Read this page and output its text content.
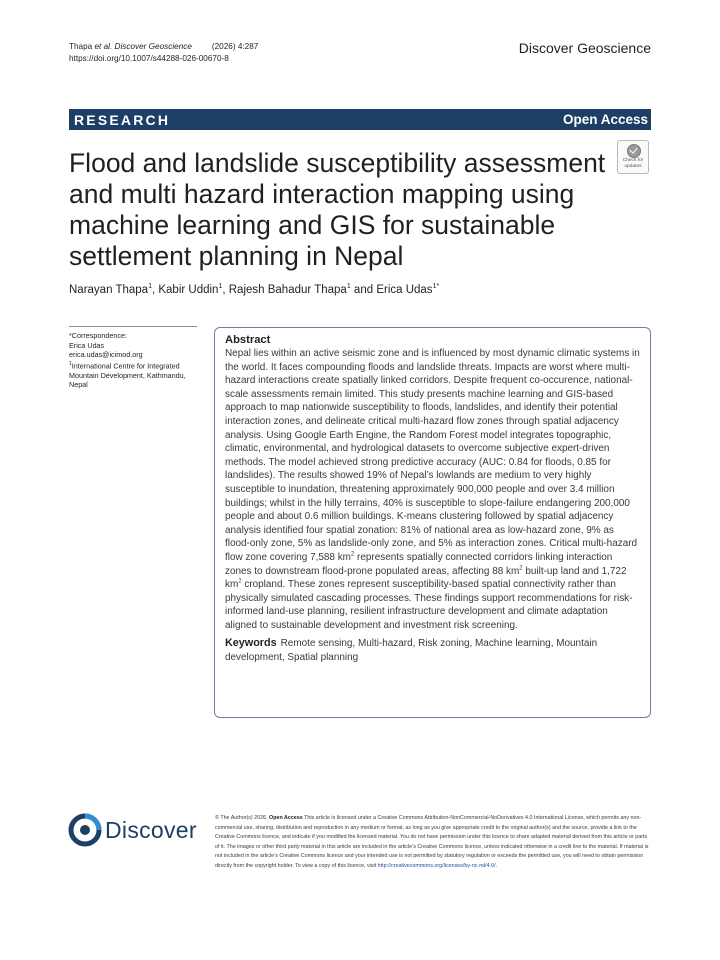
Thapa et al. Discover Geoscience (2026) 4:287
https://doi.org/10.1007/s44288-026-00670-8
Discover Geoscience
RESEARCH	Open Access
Flood and landslide susceptibility assessment and multi hazard interaction mapping using machine learning and GIS for sustainable settlement planning in Nepal
Check for
updates
Narayan Thapa$^1$, Kabir Uddin$^1$, Rajesh Bahadur Thapa$^1$ and Erica Udas$^{1*}$
*Correspondence:
Erica Udas
erica.udas@icimod.org
$^1$International Centre for Integrated Mountain Development, Kathmandu, Nepal
Abstract

Nepal lies within an active seismic zone and is influenced by most dynamic climatic systems in the world. It faces compounding floods and landslide threats. Impacts are worst where multi-hazard interactions create spatially linked corridors. Despite frequent co-occurence, national-scale assessments remain limited. This study presents machine learning and GIS-based approach to map nationwide susceptibility to floods, landslides, and identify their potential interaction zones, and delineate critical multi-hazard flow zones through spatial adjacency analysis. Using Google Earth Engine, the Random Forest model integrates topographic, climatic, environmental, and hydrological datasets to overcome subjective expert-driven methods. The model achieved strong predictive accuracy (AUC: 0.84 for floods, 0.85 for landslides). The results showed 19% of Nepal’s lowlands are medium to very highly susceptible to inundation, threatening approximately 900,000 people and over 3.4 million buildings; whilst in the hilly terrains, 40% is susceptible to slope-failure endangering 200,000 people and about 0.6 million buildings. K-means clustering followed by spatial adjacency analysis identified four spatial zonation: 81% of national area as low-hazard zone, 9% as flood-only zone, 5% as landslide-only zone, and 5% as interaction zones. Critical multi-hazard flow zone covering 7,588 $km^2$ represents spatially connected corridors linking interaction zones to downstream flood-prone populated areas, affecting 88 $km^2$ built-up land and 1,722 $km^2$ cropland. These zones represent susceptibility-based spatial connectivity rather than physically simulated cascading processes. These findings support recommendations for risk-informed land-use planning, resilient infrastructure development and climate adaptation aligned to sustainable development and investment risk screening.

Keywords Remote sensing, Multi-hazard, Risk zoning, Machine learning, Mountain development, Spatial planning
Discover	© The Author(s) 2026. Open Access This article is licensed under a Creative Commons Attribution-NonCommercial-NoDerivatives 4.0 International License, which permits any non-commercial use, sharing, distribution and reproduction in any medium or format, as long as you give appropriate credit to the original author(s) and the source, provide a link to the Creative Commons licence, and indicate if you modified the licensed material. You do not have permission under this licence to share adapted material derived from this article or parts of it. The images or other third party material in this article are included in the article’s Creative Commons licence, unless indicated otherwise in a credit line to the material. If material is not included in the article’s Creative Commons licence and your intended use is not permitted by statutory regulation or exceeds the permitted use, you will need to obtain permission directly from the copyright holder. To view a copy of this licence, visit http://creativecommons.org/licenses/by-nc-nd/4.0/.
